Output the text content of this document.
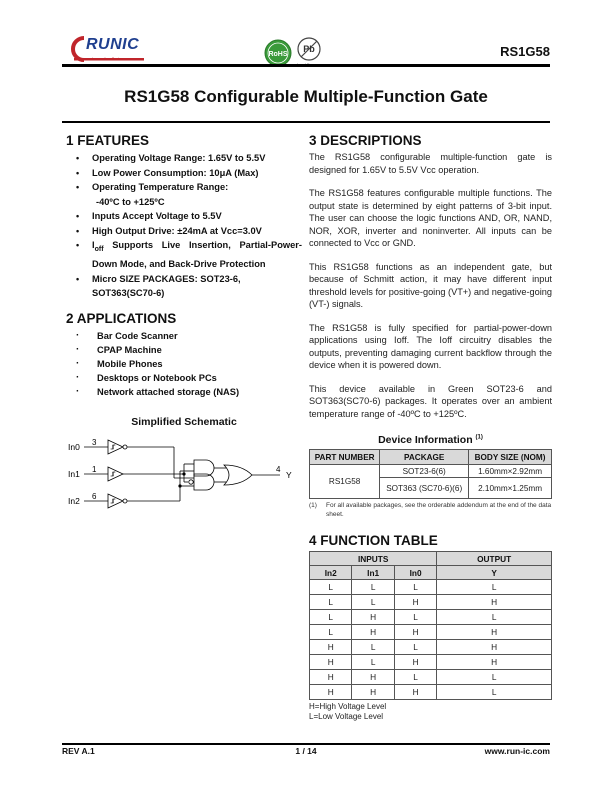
RUNIC
Innovation Series
RoHS
Pb	RS1G58
RS1G58 Configurable Multiple-Function Gate
1 FEATURES
• Operating Voltage Range: 1.65V to 5.5V
• Low Power Consumption: 10μA (Max)
• Operating Temperature Range:
-40ºC to +125ºC
• Inputs Accept Voltage to 5.5V
• High Output Drive: ±24mA at Vcc=3.0V
• $I_{off}$ Supports Live Insertion, Partial-Power-Down Mode, and Back-Drive Protection
• Micro SIZE PACKAGES: SOT23-6, SOT363(SC70-6)
2 APPLICATIONS
· Bar Code Scanner
· CPAP Machine
· Mobile Phones
· Desktops or Notebook PCs
· Network attached storage (NAS)
Simplified Schematic
In0 3
In1 1
In2 6
4
Y
3 DESCRIPTIONS

The RS1G58 configurable multiple-function gate is designed for 1.65V to 5.5V Vcc operation.

The RS1G58 features configurable multiple functions. The output state is determined by eight patterns of 3-bit input. The user can choose the logic functions AND, OR, NAND, NOR, XOR, inverter and noninverter. All inputs can be connected to Vcc or GND.

This RS1G58 functions as an independent gate, but because of Schmitt action, it may have different input threshold levels for positive-going (VT+) and negative-going (VT-) signals.

The RS1G58 is fully specified for partial-power-down applications using Ioff. The Ioff circuitry disables the outputs, preventing damaging current backflow through the device when it is powered down.

This device available in Green SOT23-6 and SOT363(SC70-6) packages. It operates over an ambient temperature range of -40ºC to +125ºC.

Device Information $^{(1)}$
PART NUMBER	PACKAGE	BODY SIZE (NOM)
RS1G58	SOT23-6(6)	1.60mm×2.92mm
	SOT363 (SC70-6)(6)	2.10mm×1.25mm
(1)	For all available packages, see the orderable addendum at the end of the data sheet.
4 FUNCTION TABLE
INPUTS			OUTPUT
In2	In1	In0	Y
L	L	L	L
L	L	H	H
L	H	L	L
L	H	H	H
H	L	L	H
H	L	H	H
H	H	L	L
H	H	H	L
H=High Voltage Level
L=Low Voltage Level
REV A.1	1 / 14	www.run-ic.com
